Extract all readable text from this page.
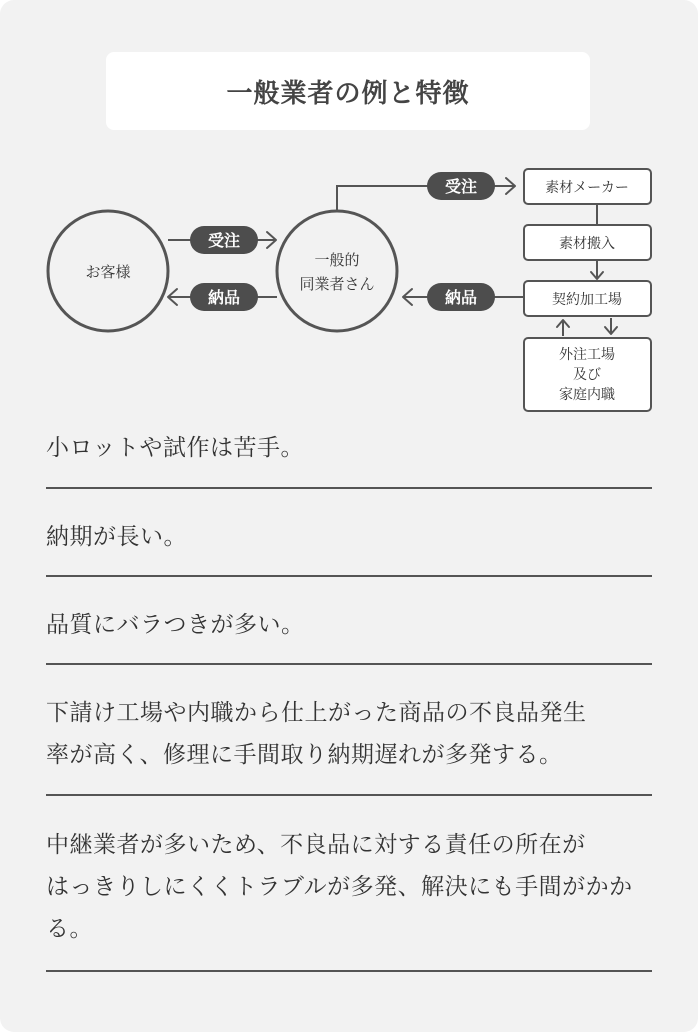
一般業者の例と特徴
お客様
一般的
同業者さん
受注
納品
受注
納品
素材メーカー
素材搬入
契約加工場
外注工場
及び
家庭内職
小ロットや試作は苦手。
納期が長い。
品質にバラつきが多い。
下請け工場や内職から仕上がった商品の不良品発生
率が高く、修理に手間取り納期遅れが多発する。
中継業者が多いため、不良品に対する責任の所在が
はっきりしにくくトラブルが多発、解決にも手間がかか
る。
